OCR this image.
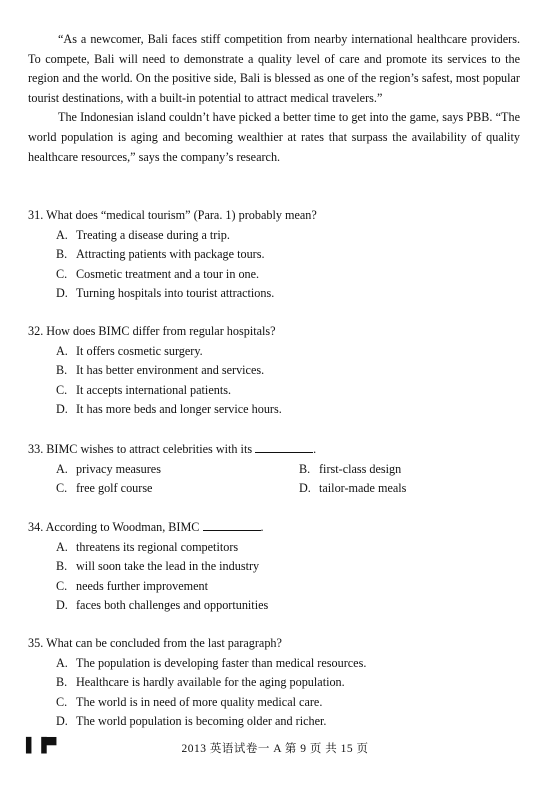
“As a newcomer, Bali faces stiff competition from nearby international healthcare providers. To compete, Bali will need to demonstrate a quality level of care and promote its services to the region and the world. On the positive side, Bali is blessed as one of the region’s safest, most popular tourist destinations, with a built-in potential to attract medical travelers.”

The Indonesian island couldn’t have picked a better time to get into the game, says PBB. “The world population is aging and becoming wealthier at rates that surpass the availability of quality healthcare resources,” says the company’s research.

31. What does “medical tourism” (Para. 1) probably mean?
A. Treating a disease during a trip.
B. Attracting patients with package tours.
C. Cosmetic treatment and a tour in one.
D. Turning hospitals into tourist attractions.
32. How does BIMC differ from regular hospitals?
A. It offers cosmetic surgery.
B. It has better environment and services.
C. It accepts international patients.
D. It has more beds and longer service hours.
33. BIMC wishes to attract celebrities with its	.
A. privacy measures	B. first-class design
C. free golf course	D. tailor-made meals
34. According to Woodman, BIMC	.
A. threatens its regional competitors
B. will soon take the lead in the industry
C. needs further improvement
D. faces both challenges and opportunities
35. What can be concluded from the last paragraph?
A. The population is developing faster than medical resources.
B. Healthcare is hardly available for the aging population.
C. The world is in need of more quality medical care.
D. The world population is becoming older and richer.
▌▐▀	2013 英语试卷一 A 第 9 页 共 15 页
